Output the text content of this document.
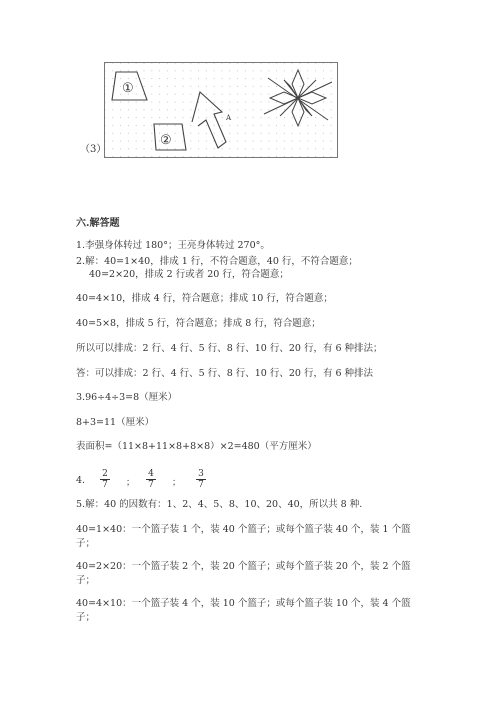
①
②
A
（3）
六.解答题
1.李强身体转过 180°；王亮身体转过 270°。
2.解：40=1×40，排成 1 行，不符合题意，40 行，不符合题意；
40=2×20，排成 2 行或者 20 行，符合题意；
40=4×10，排成 4 行，符合题意；排成 10 行，符合题意；
40=5×8，排成 5 行，符合题意；排成 8 行，符合题意；
所以可以排成：2 行、4 行、5 行、8 行、10 行、20 行，有 6 种排法；
答：可以排成：2 行、4 行、5 行、8 行、10 行、20 行，有 6 种排法
3.96÷4÷3=8（厘米）
8+3=11（厘米）
表面积=（11×8+11×8+8×8）×2=480（平方厘米）
4.
2
7	；
4
7	；
3
7
5.解：40 的因数有：1、2、4、5、8、10、20、40，所以共 8 种.
40=1×40：一个篮子装 1 个，装 40 个篮子；或每个篮子装 40 个，装 1 个篮
子；
40=2×20：一个篮子装 2 个，装 20 个篮子；或每个篮子装 20 个，装 2 个篮
子；
40=4×10：一个篮子装 4 个，装 10 个篮子；或每个篮子装 10 个，装 4 个篮
子；
